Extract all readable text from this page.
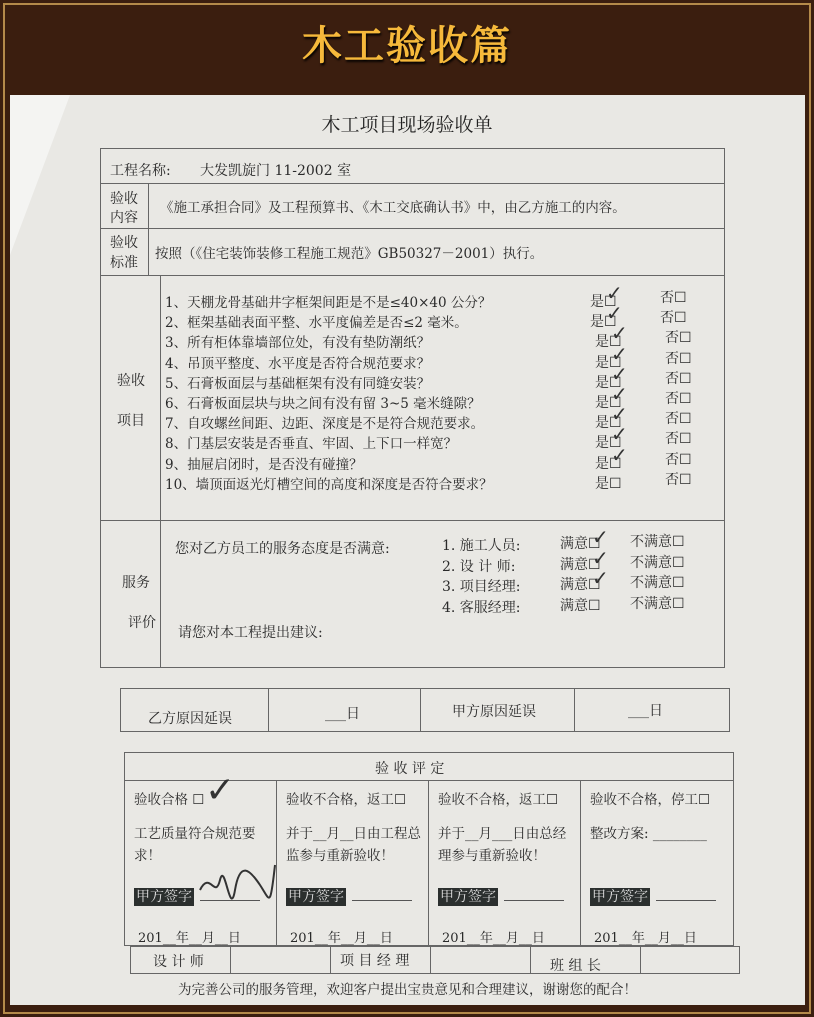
木工验收篇
木工项目现场验收单
工程名称: 大发凯旋门 11-2002 室
验收
内容
《施工承担合同》及工程预算书、《木工交底确认书》中，由乙方施工的内容。
验收
标准
按照（《住宅装饰装修工程施工规范》GB50327－2001）执行。
验收
项目
1、天棚龙骨基础井字框架间距是不是≤40×40 公分？	是☐	否☐
✓
2、框架基础表面平整、水平度偏差是否≤2 毫米。	是☐	否☐
✓
3、所有柜体靠墙部位处，有没有垫防潮纸？	是☐	否☐
✓
4、吊顶平整度、水平度是否符合规范要求？	是☐	否☐
✓
5、石膏板面层与基础框架有没有同缝安装？	是☐	否☐
✓
6、石膏板面层块与块之间有没有留 3~5 毫米缝隙？	是☐	否☐
✓
7、自攻螺丝间距、边距、深度是不是符合规范要求。	是☐	否☐
✓
8、门基层安装是否垂直、牢固、上下口一样宽？	是☐	否☐
✓
9、抽屉启闭时，是否没有碰撞？	是☐	否☐
✓
10、墙顶面返光灯槽空间的高度和深度是否符合要求？	是☐	否☐
服务
评价
您对乙方员工的服务态度是否满意:
请您对本工程提出建议:
1. 施工人员:	满意☐ 不满意☐
✓
2. 设 计 师:	满意☐ 不满意☐
✓
3. 项目经理:	满意☐ 不满意☐
✓
4. 客服经理:	满意☐ 不满意☐
乙方原因延误	___日	甲方原因延误	___日
验 收 评 定
验收合格 ☐
工艺质量符合规范要求！
甲方签字
201__年__月__日
验收不合格，返工☐
并于__月__日由工程总监参与重新验收！
甲方签字
201__年__月__日
验收不合格，返工☐
并于__月___日由总经理参与重新验收！
甲方签字
201__年__月__日
验收不合格，停工☐
整改方案: ________
甲方签字
201__年__月__日
✓
设 计 师	项 目 经 理	班 组 长
为完善公司的服务管理，欢迎客户提出宝贵意见和合理建议，谢谢您的配合！
